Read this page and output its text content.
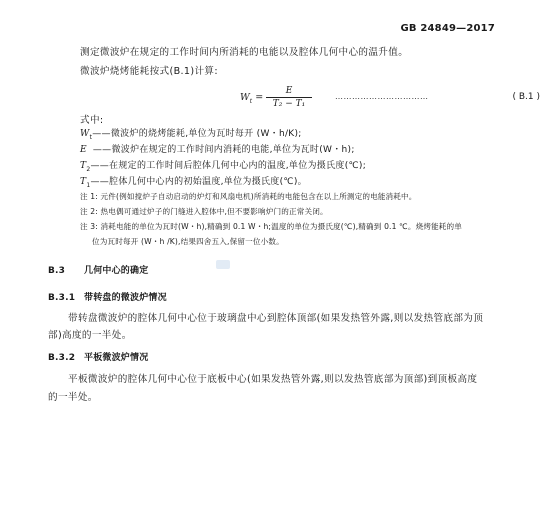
GB 24849—2017
测定微波炉在规定的工作时间内所消耗的电能以及腔体几何中心的温升值。
微波炉烧烤能耗按式(B.1)计算:
$W_t$ =
E
T₂ − T₁
……………………………	( B.1 )
式中:
$W_t——$微波炉的烧烤能耗,单位为瓦时每开 (W・h/K);
E ——微波炉在规定的工作时间内消耗的电能,单位为瓦时(W・h);
$T_2——$在规定的工作时间后腔体几何中心内的温度,单位为摄氏度(℃);
$T_1——$腔体几何中心内的初始温度,单位为摄氏度(℃)。
注 1: 元件(例如搅炉子自动启动的炉灯和风扇电机)所消耗的电能包含在以上所测定的电能消耗中。
注 2: 热电偶可通过炉子的门缝进入腔体中,但不要影响炉门的正常关闭。
注 3: 消耗电能的单位为瓦时(W・h),精确到 0.1 W・h;温度的单位为摄氏度(℃),精确到 0.1 ℃。烧烤能耗的单
位为瓦时每开 (W・h /K),结果四舍五入,保留一位小数。
B.3 几何中心的确定
B.3.1 带转盘的微波炉情况
带转盘微波炉的腔体几何中心位于玻璃盘中心到腔体顶部(如果发热管外露,则以发热管底部为顶
部)高度的一半处。
B.3.2 平板微波炉情况
平板微波炉的腔体几何中心位于底板中心(如果发热管外露,则以发热管底部为顶部)到顶板高度
的一半处。
